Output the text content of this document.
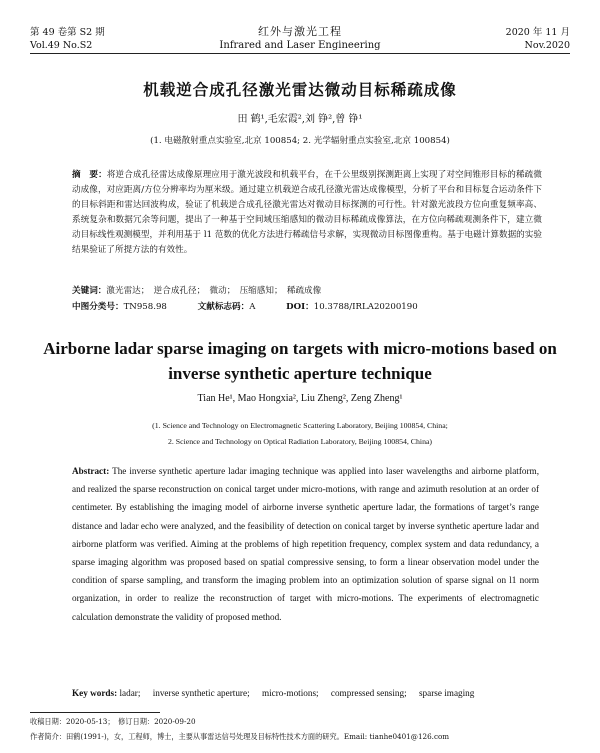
第 49 卷第 S2 期
Vol.49 No.S2
红外与激光工程
Infrared and Laser Engineering
2020 年 11 月
Nov.2020
机载逆合成孔径激光雷达微动目标稀疏成像
田 鹤¹,毛宏霞²,刘 铮²,曾 铮¹
(1. 电磁散射重点实验室,北京 100854; 2. 光学辐射重点实验室,北京 100854)
摘　要：将逆合成孔径雷达成像原理应用于激光波段和机载平台，在千公里级别探测距离上实现了对空间锥形目标的稀疏微动成像，对应距离/方位分辨率均为厘米级。通过建立机载逆合成孔径激光雷达成像模型，分析了平台和目标复合运动条件下的目标斜距和雷达回波构成，验证了机载逆合成孔径激光雷达对微动目标探测的可行性。针对激光波段方位向重复频率高、系统复杂和数据冗余等问题，提出了一种基于空间域压缩感知的微动目标稀疏成像算法，在方位向稀疏观测条件下，建立微动目标线性观测模型，并利用基于 l1 范数的优化方法进行稀疏信号求解，实现微动目标图像重构。基于电磁计算数据的实验结果验证了所提方法的有效性。
关键词：激光雷达；　逆合成孔径；　微动；　压缩感知；　稀疏成像
中图分类号：TN958.98	文献标志码：A	DOI：10.3788/IRLA20200190
Airborne ladar sparse imaging on targets with micro-motions based on inverse synthetic aperture technique
Tian He¹, Mao Hongxia², Liu Zheng², Zeng Zheng¹
(1. Science and Technology on Electromagnetic Scattering Laboratory, Beijing 100854, China;
2. Science and Technology on Optical Radiation Laboratory, Beijing 100854, China)
Abstract: The inverse synthetic aperture ladar imaging technique was applied into laser wavelengths and airborne platform, and realized the sparse reconstruction on conical target under micro-motions, with range and azimuth resolution at an order of centimeter. By establishing the imaging model of airborne inverse synthetic aperture ladar, the formations of target’s range distance and ladar echo were analyzed, and the feasibility of detection on conical target by inverse synthetic aperture ladar and airborne platform was verified. Aiming at the problems of high repetition frequency, complex system and data redundancy, a sparse imaging algorithm was proposed based on spatial compressive sensing, to form a linear observation model under the condition of sparse sampling, and transform the imaging problem into an optimization solution of sparse signal on l1 norm organization, in order to realize the reconstruction of target with micro-motions. The experiments of electromagnetic calculation demonstrate the validity of proposed method.
Key words: ladar; inverse synthetic aperture; micro-motions; compressed sensing; sparse imaging
收稿日期：2020-05-13；　修订日期：2020-09-20
作者简介：田鹤(1991-)，女，工程师，博士，主要从事雷达信号处理及目标特性技术方面的研究。Email: tianhe0401@126.com
